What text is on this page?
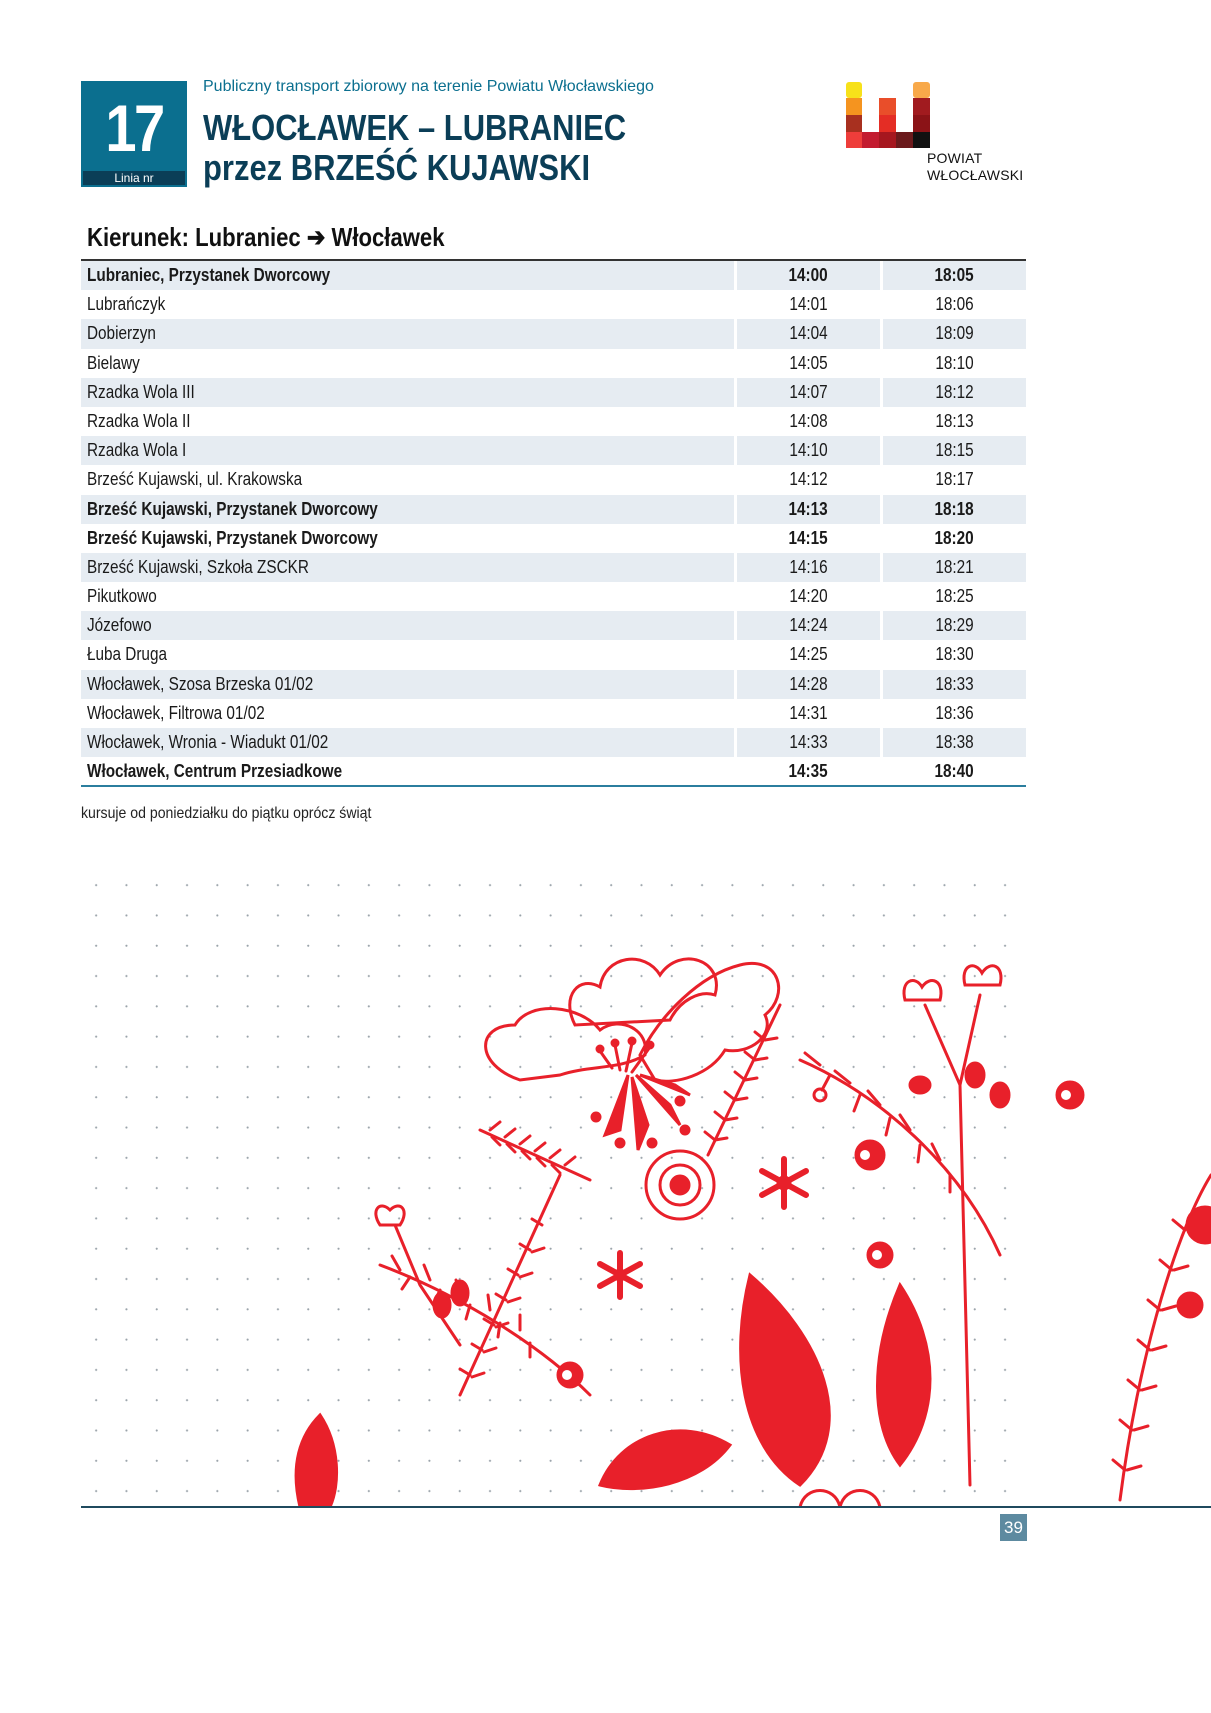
17
Linia nr
Publiczny transport zbiorowy na terenie Powiatu Włocławskiego
WŁOCŁAWEK – LUBRANIEC
przez BRZEŚĆ KUJAWSKI	POWIAT
WŁOCŁAWSKI
Kierunek: Lubraniec ➔ Włocławek
Lubraniec, Przystanek Dworcowy	14:00	18:05
Lubrańczyk	14:01	18:06
Dobierzyn	14:04	18:09
Bielawy	14:05	18:10
Rzadka Wola III	14:07	18:12
Rzadka Wola II	14:08	18:13
Rzadka Wola I	14:10	18:15
Brześć Kujawski, ul. Krakowska	14:12	18:17
Brześć Kujawski, Przystanek Dworcowy	14:13	18:18
Brześć Kujawski, Przystanek Dworcowy	14:15	18:20
Brześć Kujawski, Szkoła ZSCKR	14:16	18:21
Pikutkowo	14:20	18:25
Józefowo	14:24	18:29
Łuba Druga	14:25	18:30
Włocławek, Szosa Brzeska 01/02	14:28	18:33
Włocławek, Filtrowa 01/02	14:31	18:36
Włocławek, Wronia - Wiadukt 01/02	14:33	18:38
Włocławek, Centrum Przesiadkowe	14:35	18:40
kursuje od poniedziałku do piątku oprócz świąt
39
